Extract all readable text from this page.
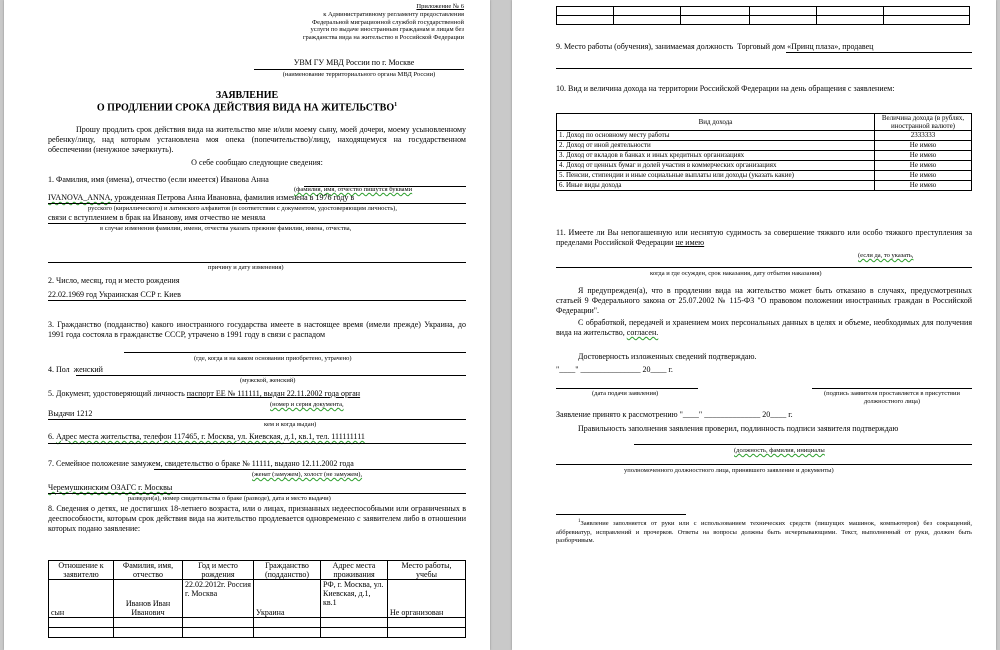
Приложение № 6
к Административному регламенту предоставления
Федеральной миграционной службой государственной
услуги по выдаче иностранным гражданам и лицам без
гражданства вида на жительство в Российской Федерации
УВМ ГУ МВД России по г. Москве
(наименование территориального органа МВД России)
ЗАЯВЛЕНИЕ
О ПРОДЛЕНИИ СРОКА ДЕЙСТВИЯ ВИДА НА ЖИТЕЛЬСТВО$^1$
Прошу продлить срок действия вида на жительство мне и/или моему сыну, моей дочери, моему усыновленному ребенку/лицу, над которым установлена моя опека (попечительство)/лицу, находящемуся на государственном обеспечении (ненужное зачеркнуть).
О себе сообщаю следующие сведения:
1. Фамилия, имя (имена), отчество (если имеется) Иванова Анна
(фамилия, имя, отчество пишутся буквами
IVANOVA_ANNA, урожденная Петрова Анна Ивановна, фамилия изменена в 1976 году в
русского (кириллического) и латинского алфавитов (в соответствии с документом, удостоверяющим личность),
связи с вступлением в брак на Иванову, имя отчество не менялa
в случае изменения фамилии, имени, отчества указать прежние фамилии, имена, отчества,
причину и дату изменения)
2. Число, месяц, год и место рождения
22.02.1969 год Украинская ССР г. Киев
3. Гражданство (подданство) какого иностранного государства имеете в настоящее время (имели прежде) Украина, до 1991 года состояла в гражданстве СССР, утрачено в 1991 году в связи с распадом
(где, когда и на каком основании приобретено, утрачено)
4. Пол женский
(мужской, женский)
5. Документ, удостоверяющий личность паспорт ЕЕ № 111111, выдан 22.11.2002 года орган
(номер и серия документа,
Выдачи 1212
кем и когда выдан)
6. Адрес места жительства, телефон 117465, г. Москва, ул. Киевская, д.1, кв.1, тел. 111111111
7. Семейное положение замужем, свидетельство о браке № 11111, выдано 12.11.2002 года
(женат (замужем), холост (не замужем),
Черемушкинским ОЗАГС г. Москвы
разведен(а), номер свидетельства о браке (разводе), дата и место выдачи)
8. Сведения о детях, не достигших 18-летнего возраста, или о лицах, признанных недееспособными или ограниченных в дееспособности, которым срок действия вида на жительство продлевается одновременно с заявителем либо в отношении которых подано заявление:
Отношение к заявителю	Фамилия, имя, отчество	Год и место рождения	Гражданство (подданство)	Адрес места проживания	Место работы, учебы
сын	Иванов Иван Иванович	22.02.2012г. Россия г. Москва	Украина	РФ, г. Москва, ул. Киевская, д.1, кв.1	Не организован

9. Место работы (обучения), занимаемая должность Торговый дом «Принц плаза», продавец
10. Вид и величина дохода на территории Российской Федерации на день обращения с заявлением:
Вид дохода	Величина дохода (в рублях, иностранной валюте)
1. Доход по основному месту работы	2333333
2. Доход от иной деятельности	Не имею
3. Доход от вкладов в банках и иных кредитных организациях	Не имею
4. Доход от ценных бумаг и долей участия в коммерческих организациях	Не имею
5. Пенсии, стипендии и иные социальные выплаты или доходы (указать какие)	Не имею
6. Иные виды дохода	Не имею
11. Имеете ли Вы непогашенную или неснятую судимость за совершение тяжкого или особо тяжкого преступления за пределами Российской Федерации не имею
(если да, то указать,
когда и где осужден, срок наказания, дату отбытия наказания)
Я предупрежден(а), что в продлении вида на жительство может быть отказано в случаях, предусмотренных статьей 9 Федерального закона от 25.07.2002 № 115-ФЗ "О правовом положении иностранных граждан в Российской Федерации".
С обработкой, передачей и хранением моих персональных данных в целях и объеме, необходимых для получения вида на жительство, согласен.
Достоверность изложенных сведений подтверждаю.
"____" _______________ 20____ г.
(дата подачи заявления)	(подпись заявителя проставляется в присутствии должностного лица)
Заявление принято к рассмотрению "____" ______________ 20____ г.
Правильность заполнения заявления проверил, подлинность подписи заявителя подтверждаю
(должность, фамилия, инициалы
уполномоченного должностного лица, принявшего заявление и документы)
$^1$Заявление заполняется от руки или с использованием технических средств (пишущих машинок, компьютеров) без сокращений, аббревиатур, исправлений и прочерков. Ответы на вопросы должны быть исчерпывающими. Текст, выполненный от руки, должен быть разборчивым.
